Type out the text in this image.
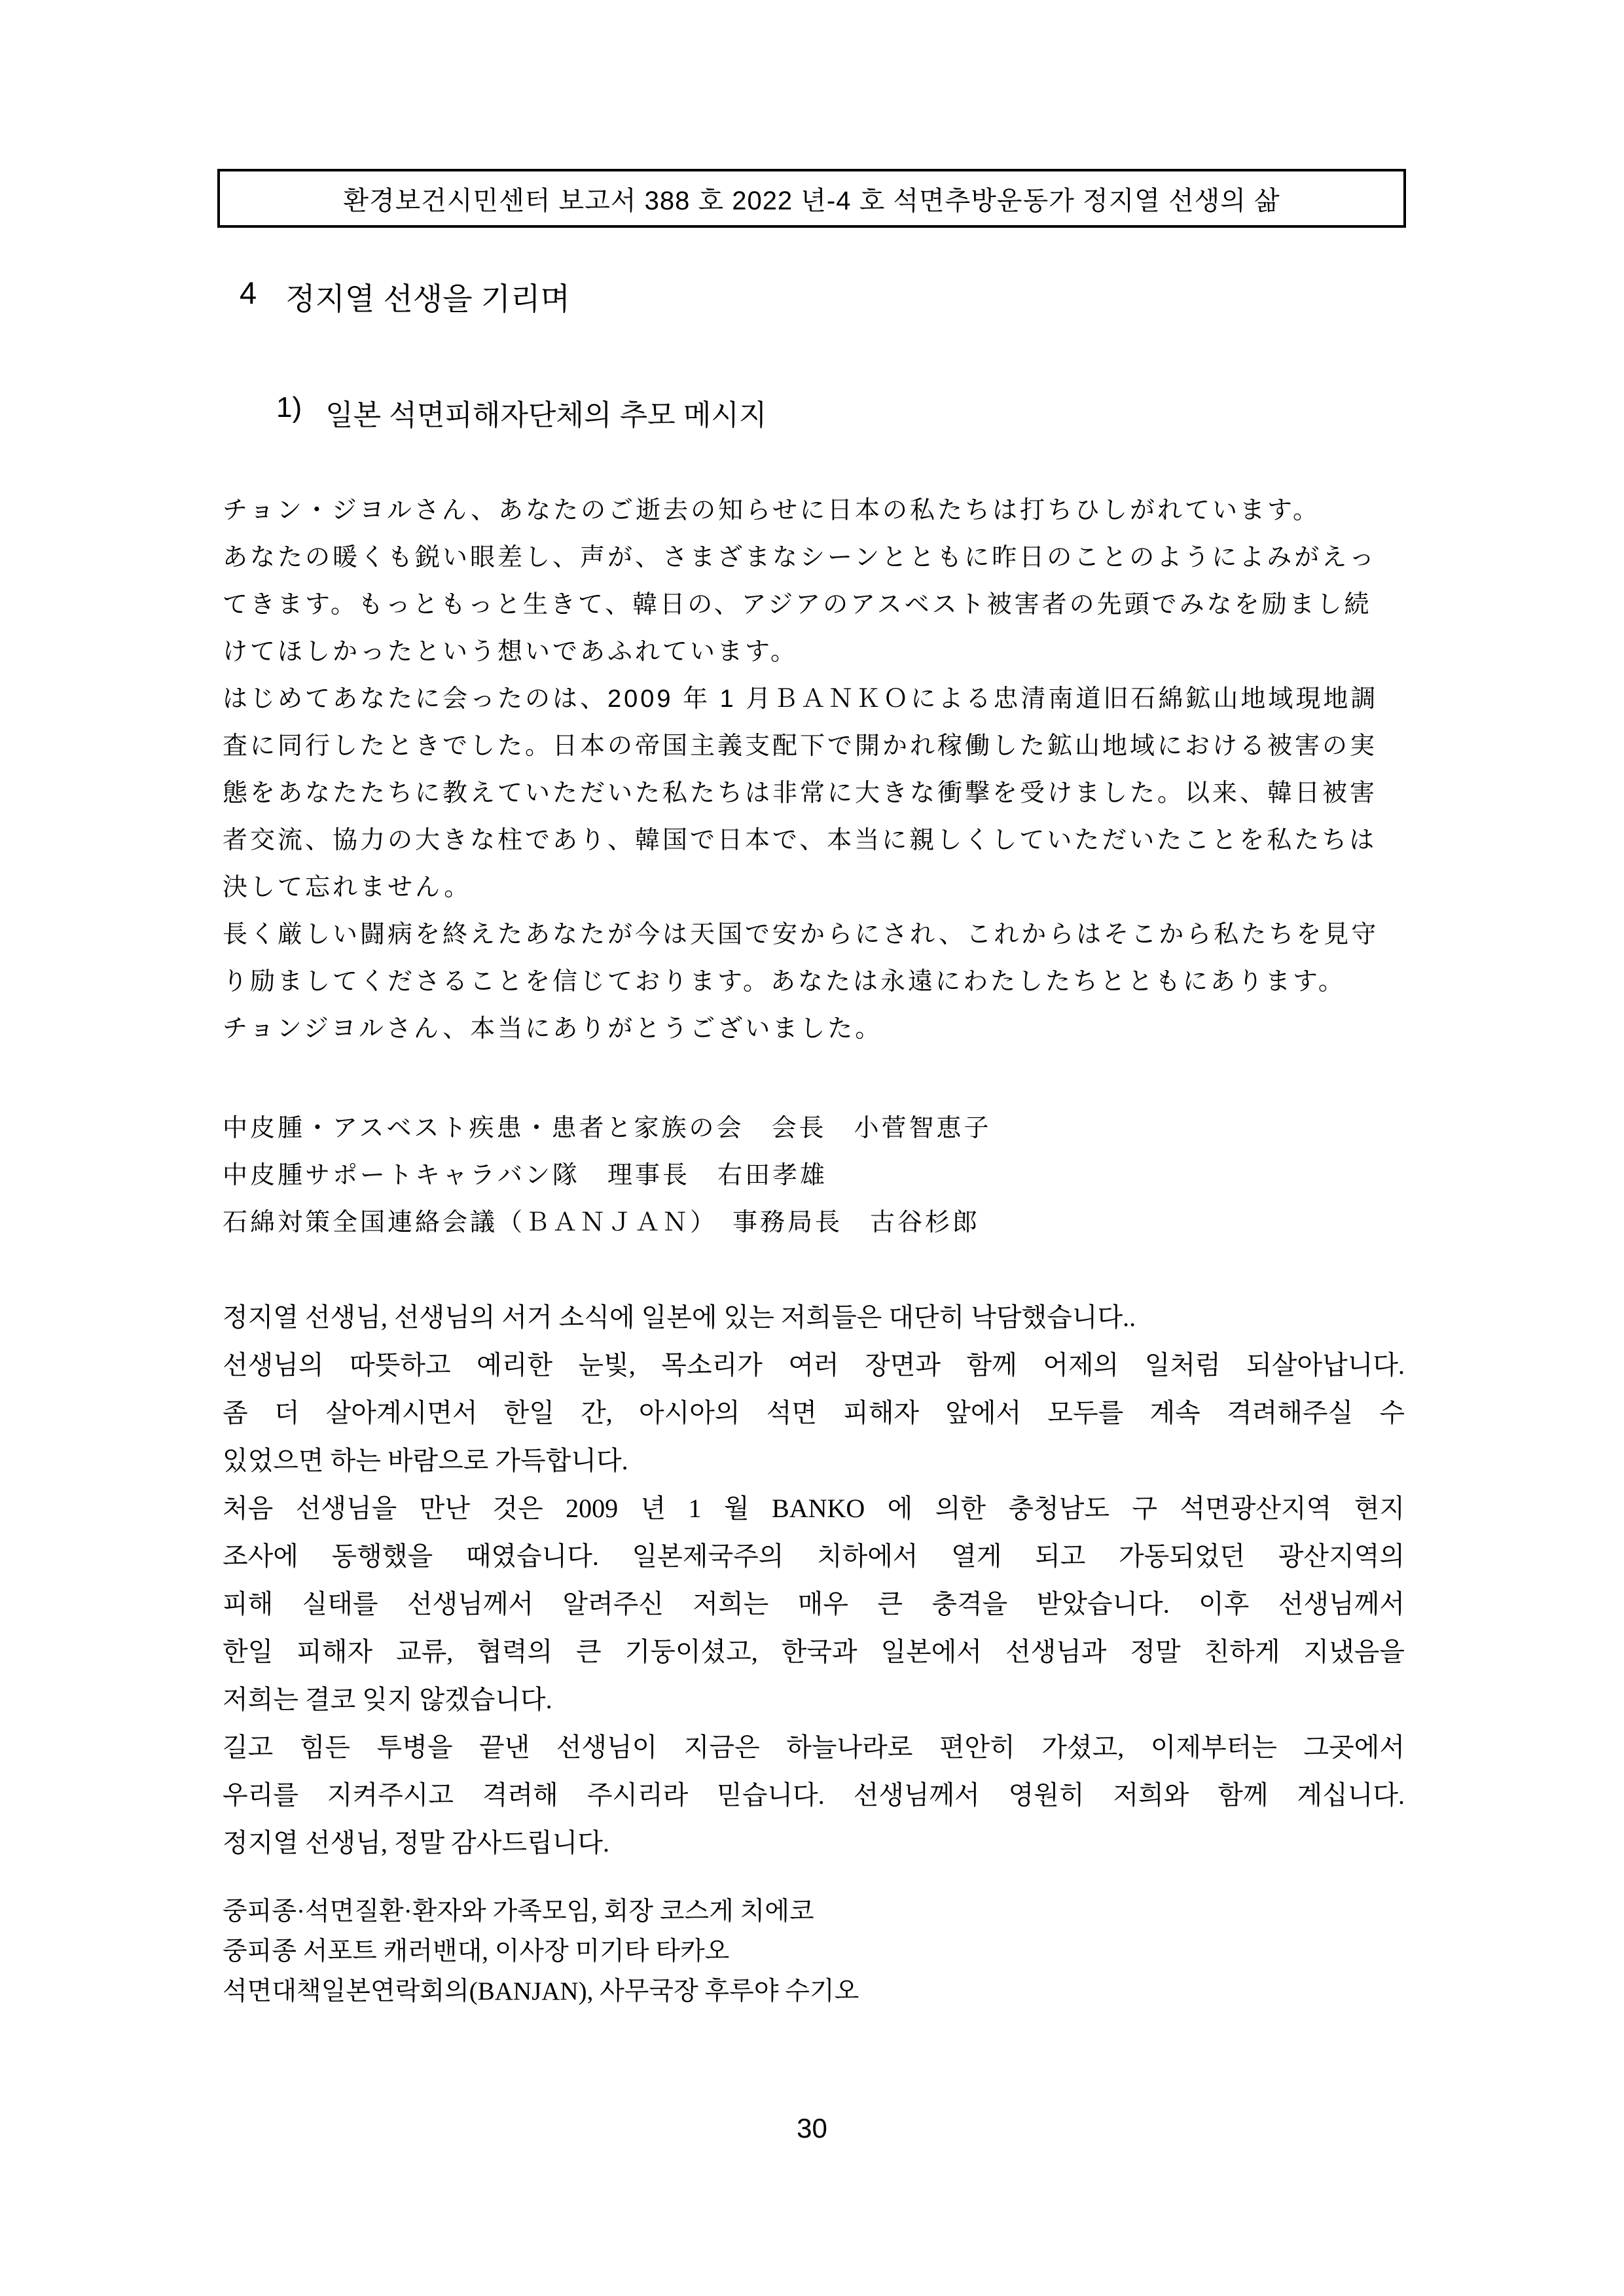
환경보건시민센터 보고서 388 호 2022 년-4 호 석면추방운동가 정지열 선생의 삶
4 정지열 선생을 기리며
1) 일본 석면피해자단체의 추모 메시지
チョン・ジヨルさん、あなたのご逝去の知らせに日本の私たちは打ちひしがれています。
あなたの暖くも鋭い眼差し、声が、さまざまなシーンとともに昨日のことのようによみがえっ
てきます。もっともっと生きて、韓日の、アジアのアスベスト被害者の先頭でみなを励まし続
けてほしかったという想いであふれています。
はじめてあなたに会ったのは、2009 年 1 月ＢＡＮＫＯによる忠清南道旧石綿鉱山地域現地調
査に同行したときでした。日本の帝国主義支配下で開かれ稼働した鉱山地域における被害の実
態をあなたたちに教えていただいた私たちは非常に大きな衝撃を受けました。以来、韓日被害
者交流、協力の大きな柱であり、韓国で日本で、本当に親しくしていただいたことを私たちは
決して忘れません。
長く厳しい闘病を終えたあなたが今は天国で安からにされ、これからはそこから私たちを見守
り励ましてくださることを信じております。あなたは永遠にわたしたちとともにあります。
チョンジヨルさん、本当にありがとうございました。
中皮腫・アスベスト疾患・患者と家族の会　会長　小菅智恵子
中皮腫サポートキャラバン隊　理事長　右田孝雄
石綿対策全国連絡会議（ＢＡＮＪＡＮ）　事務局長　古谷杉郎
정지열 선생님, 선생님의 서거 소식에 일본에 있는 저희들은 대단히 낙담했습니다..
선생님의 따뜻하고 예리한 눈빛, 목소리가 여러 장면과 함께 어제의 일처럼 되살아납니다.
좀 더 살아계시면서 한일 간, 아시아의 석면 피해자 앞에서 모두를 계속 격려해주실 수
있었으면 하는 바람으로 가득합니다.
처음 선생님을 만난 것은 2009 년 1 월 BANKO 에 의한 충청남도 구 석면광산지역 현지
조사에 동행했을 때였습니다. 일본제국주의 치하에서 열게 되고 가동되었던 광산지역의
피해 실태를 선생님께서 알려주신 저희는 매우 큰 충격을 받았습니다. 이후 선생님께서
한일 피해자 교류, 협력의 큰 기둥이셨고, 한국과 일본에서 선생님과 정말 친하게 지냈음을
저희는 결코 잊지 않겠습니다.
길고 힘든 투병을 끝낸 선생님이 지금은 하늘나라로 편안히 가셨고, 이제부터는 그곳에서
우리를 지켜주시고 격려해 주시리라 믿습니다. 선생님께서 영원히 저희와 함께 계십니다.
정지열 선생님, 정말 감사드립니다.
중피종·석면질환·환자와 가족모임, 회장 코스게 치에코
중피종 서포트 캐러밴대, 이사장 미기타 타카오
석면대책일본연락회의(BANJAN), 사무국장 후루야 수기오
30
